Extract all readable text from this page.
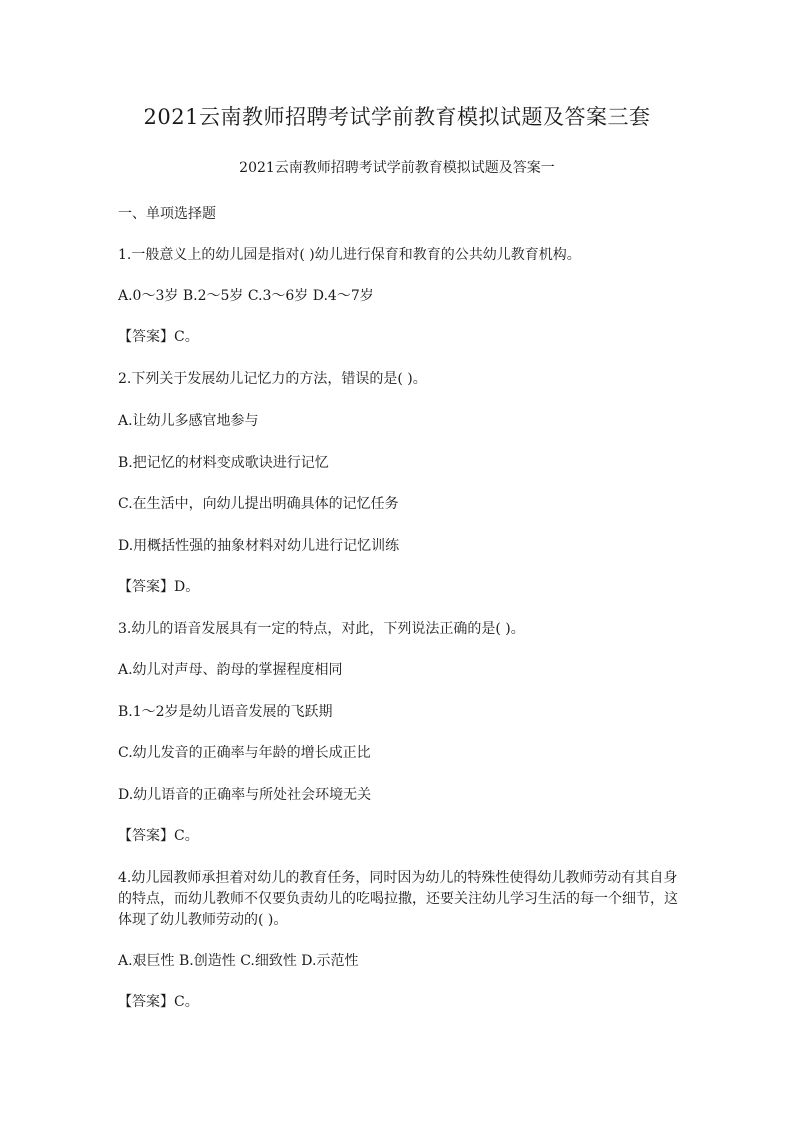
2021云南教师招聘考试学前教育模拟试题及答案三套
2021云南教师招聘考试学前教育模拟试题及答案一
一、单项选择题
1.一般意义上的幼儿园是指对( )幼儿进行保育和教育的公共幼儿教育机构。
A.0～3岁 B.2～5岁 C.3～6岁 D.4～7岁
【答案】C。
2.下列关于发展幼儿记忆力的方法，错误的是( )。
A.让幼儿多感官地参与
B.把记忆的材料变成歌诀进行记忆
C.在生活中，向幼儿提出明确具体的记忆任务
D.用概括性强的抽象材料对幼儿进行记忆训练
【答案】D。
3.幼儿的语音发展具有一定的特点，对此，下列说法正确的是( )。
A.幼儿对声母、韵母的掌握程度相同
B.1～2岁是幼儿语音发展的飞跃期
C.幼儿发音的正确率与年龄的增长成正比
D.幼儿语音的正确率与所处社会环境无关
【答案】C。
4.幼儿园教师承担着对幼儿的教育任务，同时因为幼儿的特殊性使得幼儿教师劳动有其自身的特点，而幼儿教师不仅要负责幼儿的吃喝拉撒，还要关注幼儿学习生活的每一个细节，这体现了幼儿教师劳动的( )。
A.艰巨性 B.创造性 C.细致性 D.示范性
【答案】C。
